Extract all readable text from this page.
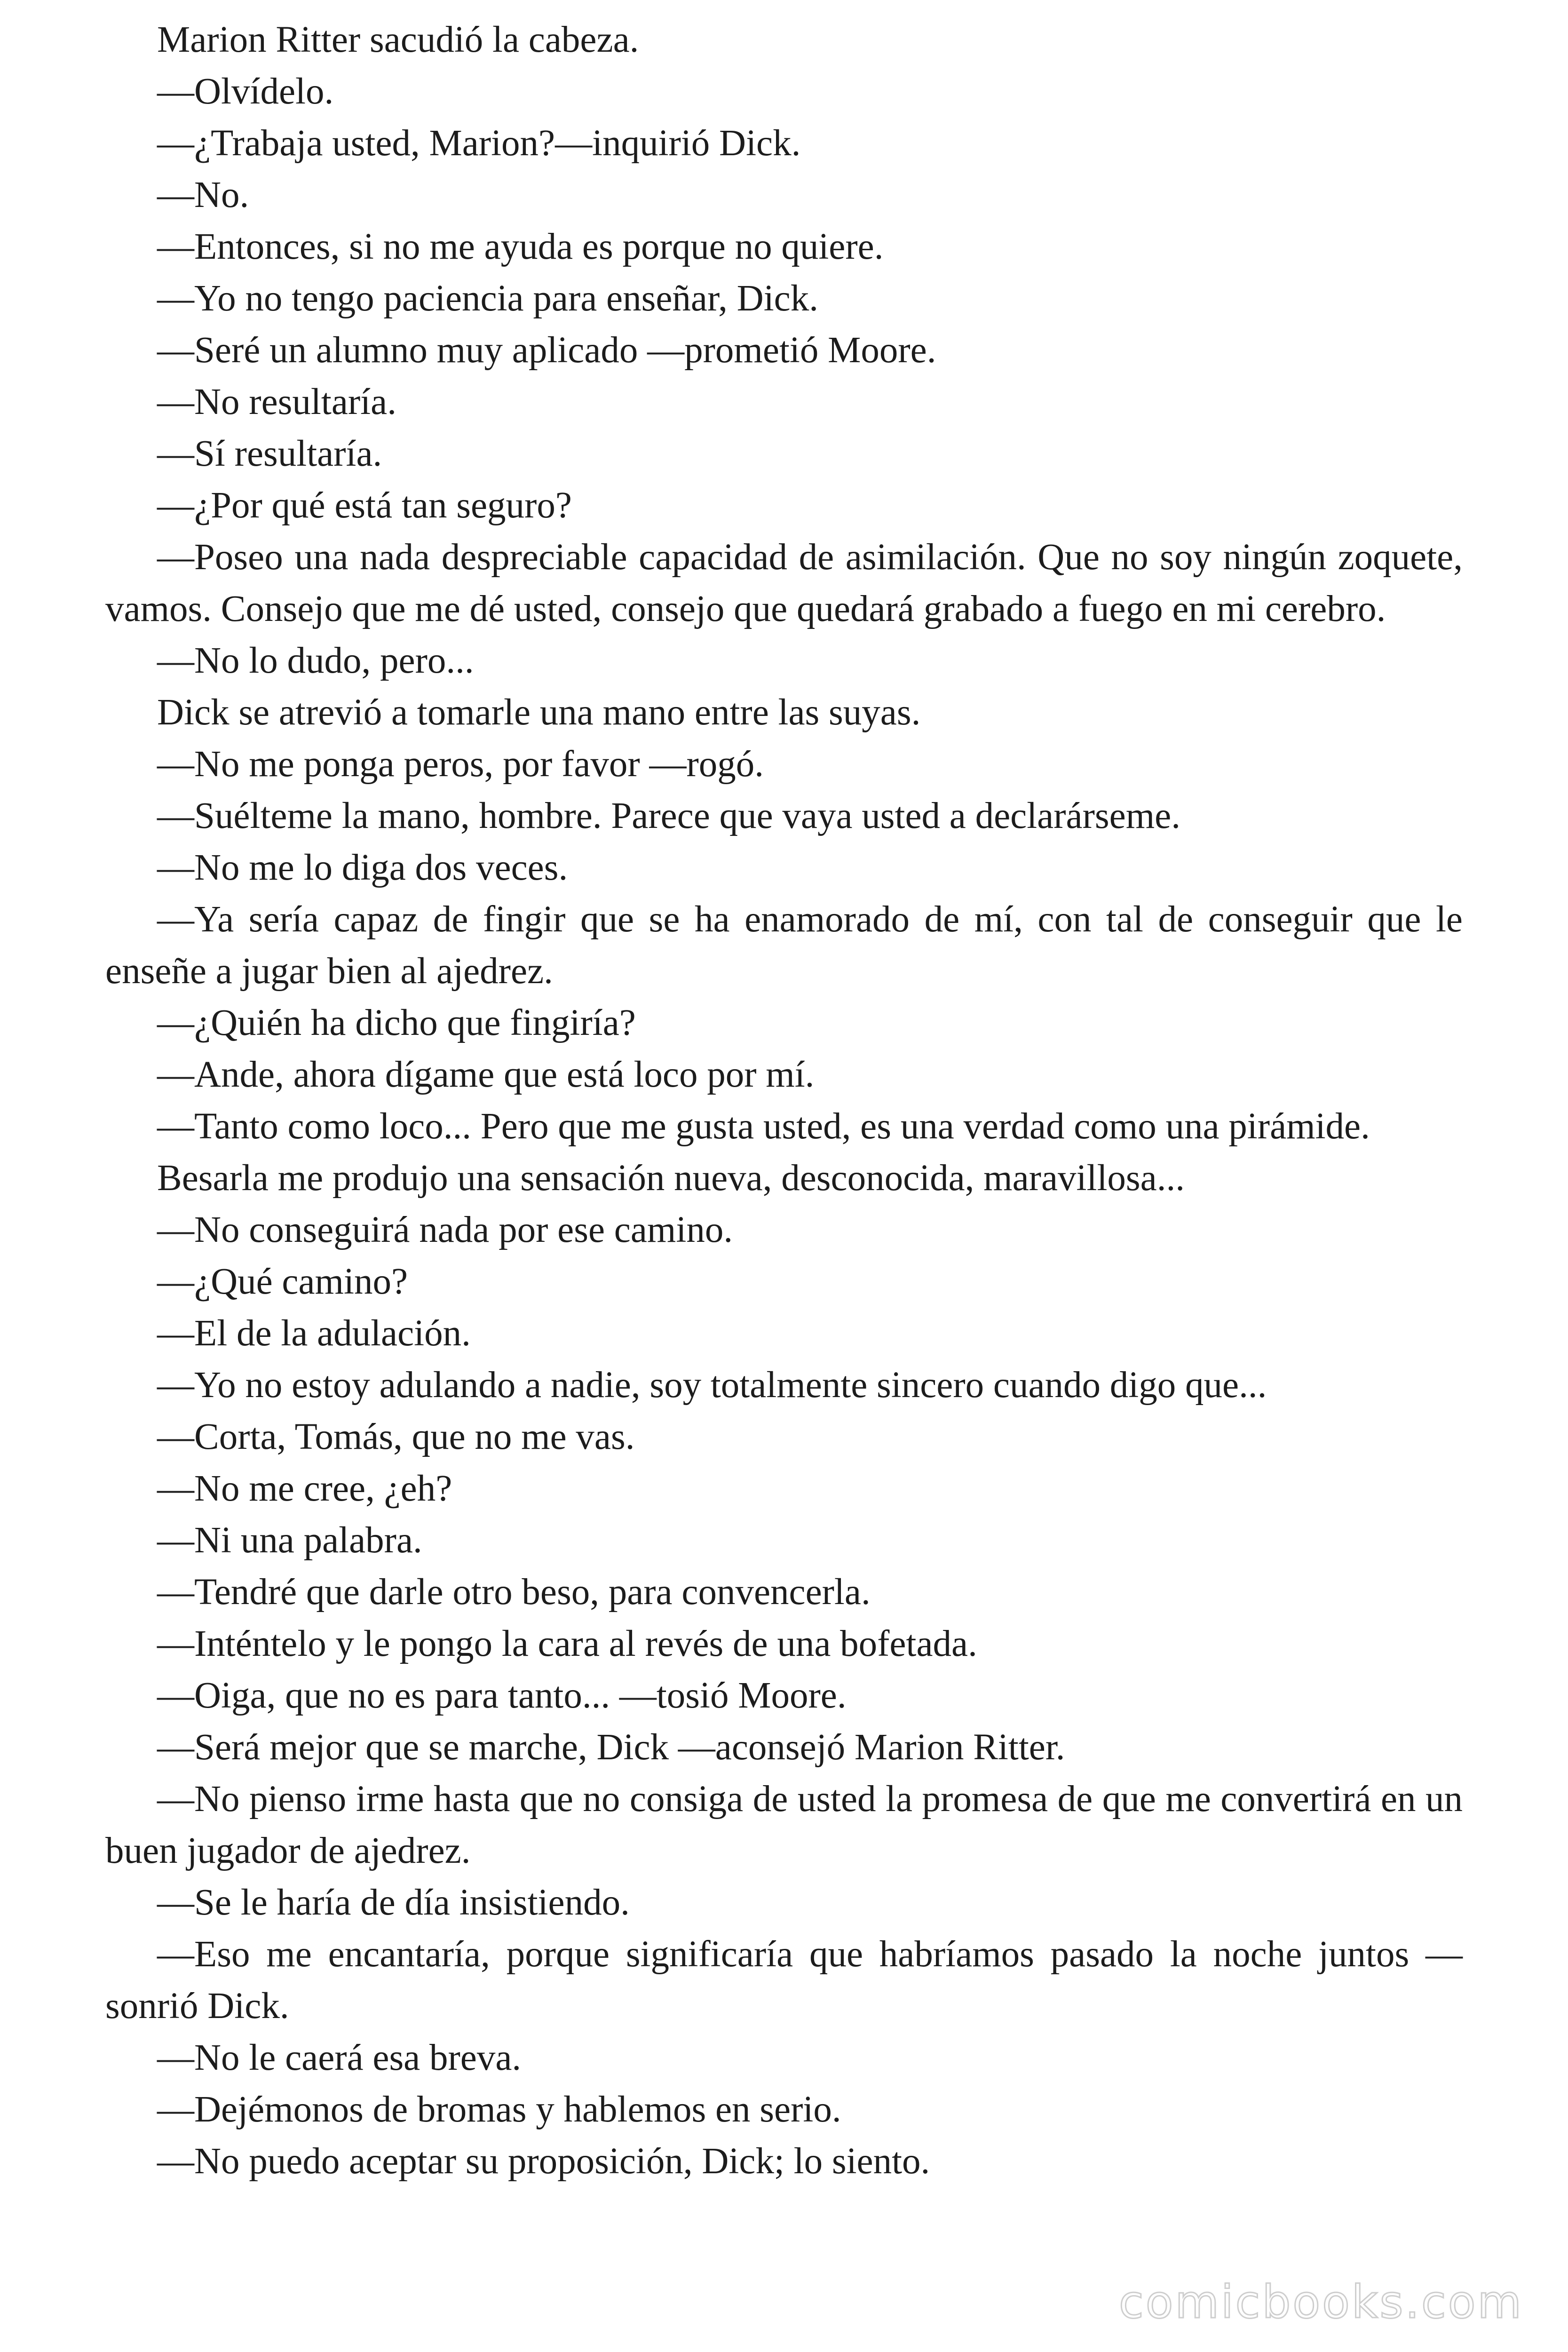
Marion Ritter sacudió la cabeza.

—Olvídelo.

—¿Trabaja usted, Marion?—inquirió Dick.

—No.

—Entonces, si no me ayuda es porque no quiere.

—Yo no tengo paciencia para enseñar, Dick.

—Seré un alumno muy aplicado —prometió Moore.

—No resultaría.

—Sí resultaría.

—¿Por qué está tan seguro?

—Poseo una nada despreciable capacidad de asimilación. Que no soy ningún zoquete, vamos. Consejo que me dé usted, consejo que quedará grabado a fuego en mi cerebro.

—No lo dudo, pero...

Dick se atrevió a tomarle una mano entre las suyas.

—No me ponga peros, por favor —rogó.

—Suélteme la mano, hombre. Parece que vaya usted a declarárseme.

—No me lo diga dos veces.

—Ya sería capaz de fingir que se ha enamorado de mí, con tal de conseguir que le enseñe a jugar bien al ajedrez.

—¿Quién ha dicho que fingiría?

—Ande, ahora dígame que está loco por mí.

—Tanto como loco... Pero que me gusta usted, es una verdad como una pirámide.

Besarla me produjo una sensación nueva, desconocida, maravillosa...

—No conseguirá nada por ese camino.

—¿Qué camino?

—El de la adulación.

—Yo no estoy adulando a nadie, soy totalmente sincero cuando digo que...

—Corta, Tomás, que no me vas.

—No me cree, ¿eh?

—Ni una palabra.

—Tendré que darle otro beso, para convencerla.

—Inténtelo y le pongo la cara al revés de una bofetada.

—Oiga, que no es para tanto... —tosió Moore.

—Será mejor que se marche, Dick —aconsejó Marion Ritter.

—No pienso irme hasta que no consiga de usted la promesa de que me convertirá en un buen jugador de ajedrez.

—Se le haría de día insistiendo.

—Eso me encantaría, porque significaría que habríamos pasado la noche juntos — sonrió Dick.

—No le caerá esa breva.

—Dejémonos de bromas y hablemos en serio.

—No puedo aceptar su proposición, Dick; lo siento.

comicbooks.com
